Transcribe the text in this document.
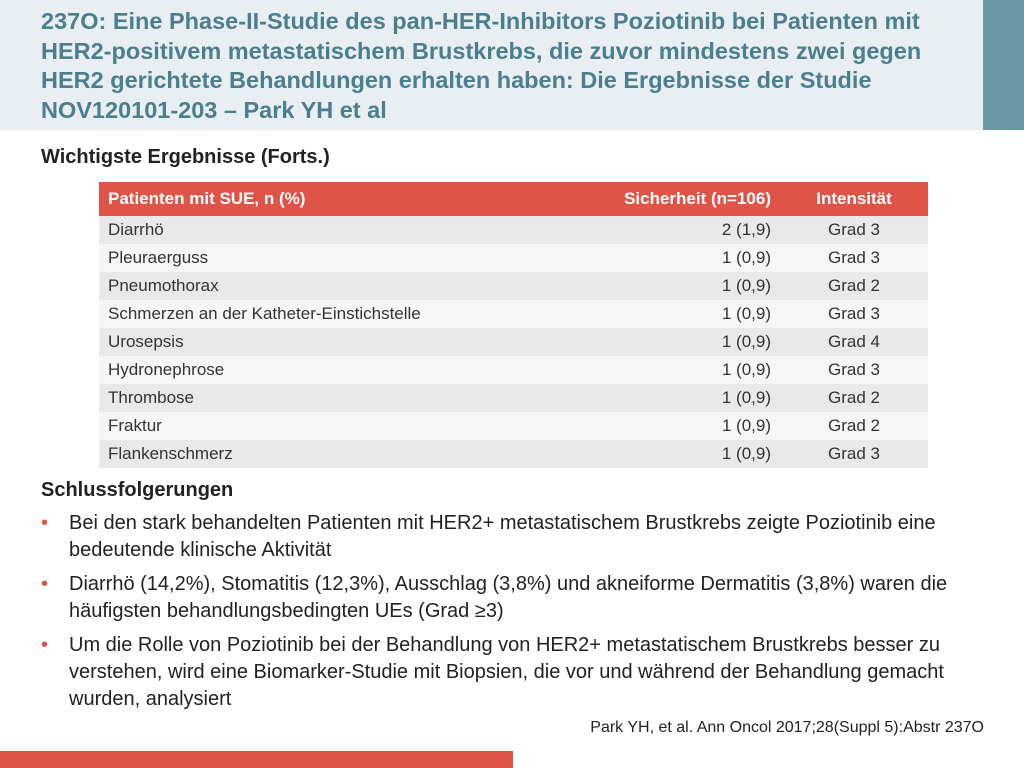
237O: Eine Phase-II-Studie des pan-HER-Inhibitors Poziotinib bei Patienten mit HER2-positivem metastatischem Brustkrebs, die zuvor mindestens zwei gegen HER2 gerichtete Behandlungen erhalten haben: Die Ergebnisse der Studie NOV120101-203 – Park YH et al
Wichtigste Ergebnisse (Forts.)
Patienten mit SUE, n (%)	Sicherheit (n=106)	Intensität
Diarrhö	2 (1,9)	Grad 3
Pleuraerguss	1 (0,9)	Grad 3
Pneumothorax	1 (0,9)	Grad 2
Schmerzen an der Katheter-Einstichstelle	1 (0,9)	Grad 3
Urosepsis	1 (0,9)	Grad 4
Hydronephrose	1 (0,9)	Grad 3
Thrombose	1 (0,9)	Grad 2
Fraktur	1 (0,9)	Grad 2
Flankenschmerz	1 (0,9)	Grad 3
Schlussfolgerungen
• Bei den stark behandelten Patienten mit HER2+ metastatischem Brustkrebs zeigte Poziotinib eine bedeutende klinische Aktivität
• Diarrhö (14,2%), Stomatitis (12,3%), Ausschlag (3,8%) und akneiforme Dermatitis (3,8%) waren die häufigsten behandlungsbedingten UEs (Grad ≥3)
• Um die Rolle von Poziotinib bei der Behandlung von HER2+ metastatischem Brustkrebs besser zu verstehen, wird eine Biomarker-Studie mit Biopsien, die vor und während der Behandlung gemacht wurden, analysiert
Park YH, et al. Ann Oncol 2017;28(Suppl 5):Abstr 237O
